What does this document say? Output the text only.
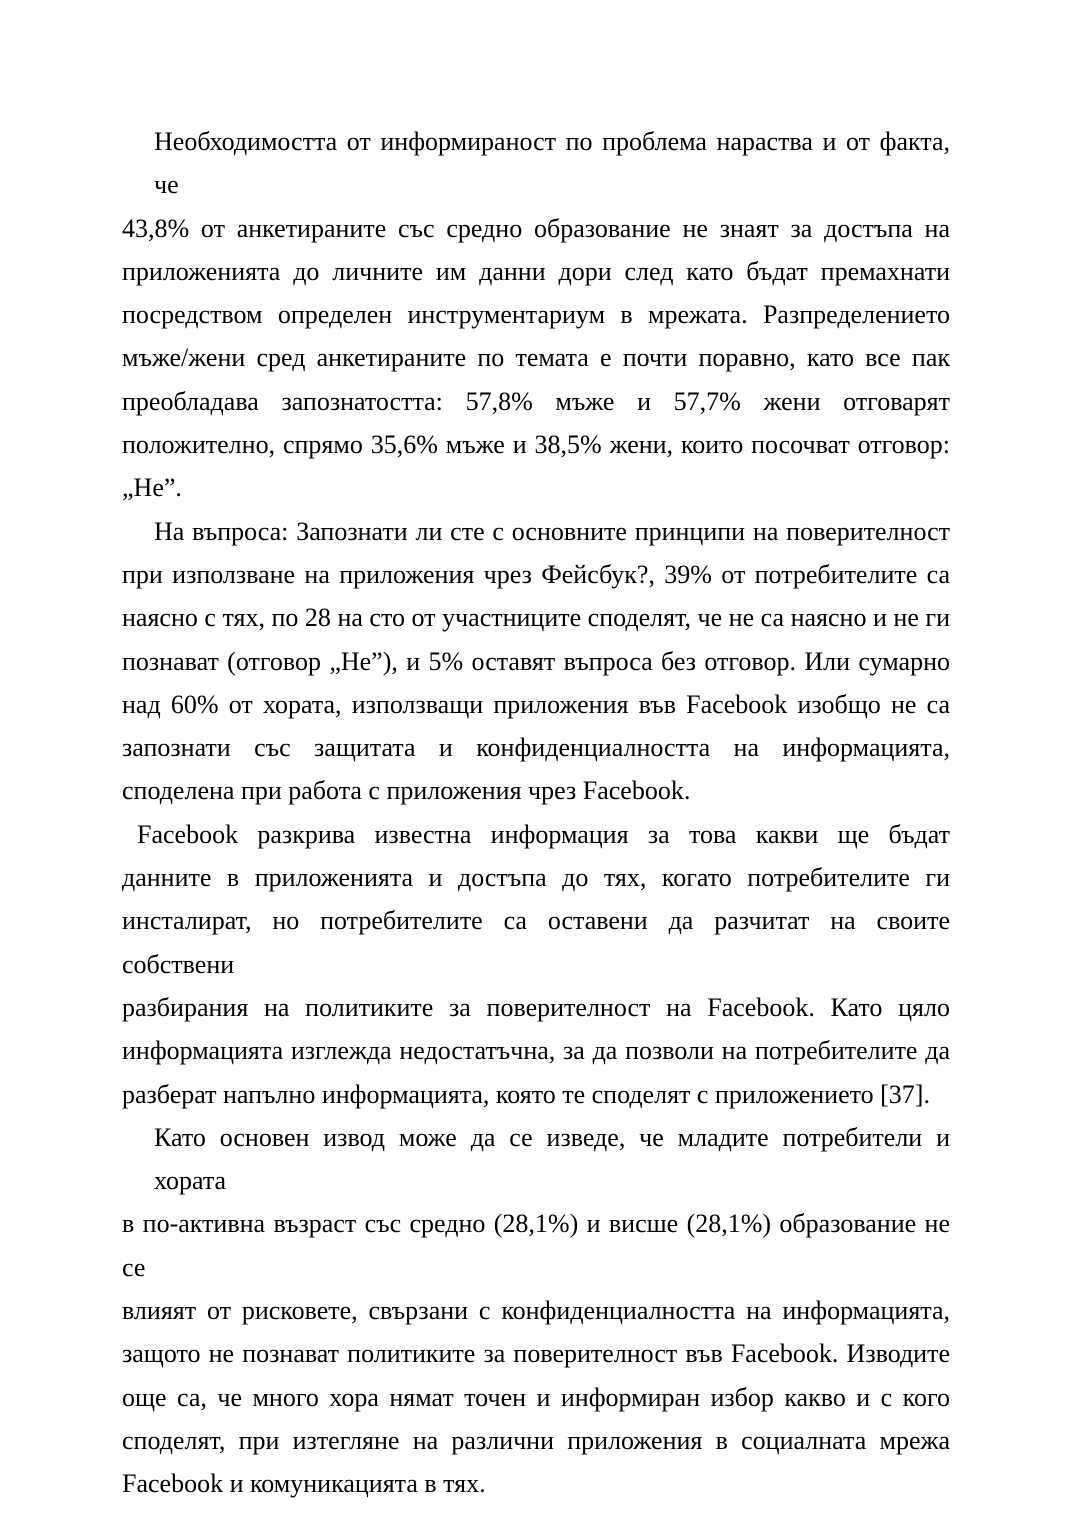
Необходимостта от информираност по проблема нараства и от факта, че
43,8% от анкетираните със средно образование не знаят за достъпа на
приложенията до личните им данни дори след като бъдат премахнати
посредством определен инструментариум в мрежата. Разпределението
мъже/жени сред анкетираните по темата е почти поравно, като все пак
преобладава запознатостта: 57,8% мъже и 57,7% жени отговарят
положително, спрямо 35,6% мъже и 38,5% жени, които посочват отговор:
„Не”.
На въпроса: Запознати ли сте с основните принципи на поверителност
при използване на приложения чрез Фейсбук?, 39% от потребителите са
наясно с тях, по 28 на сто от участниците споделят, че не са наясно и не ги
познават (отговор „Не”), и 5% оставят въпроса без отговор. Или сумарно
над 60% от хората, използващи приложения във Facebook изобщо не са
запознати със защитата и конфиденциалността на информацията,
споделена при работа с приложения чрез Facebook.
Facebook разкрива известна информация за това какви ще бъдат
данните в приложенията и достъпа до тях, когато потребителите ги
инсталират, но потребителите са оставени да разчитат на своите собствени
разбирания на политиките за поверителност на Facebook. Като цяло
информацията изглежда недостатъчна, за да позволи на потребителите да
разберат напълно информацията, която те споделят с приложението [37].
Като основен извод може да се изведе, че младите потребители и хората
в по-активна възраст със средно (28,1%) и висше (28,1%) образование не се
влияят от рисковете, свързани с конфиденциалността на информацията,
защото не познават политиките за поверителност във Facebook. Изводите
още са, че много хора нямат точен и информиран избор какво и с кого
споделят, при изтегляне на различни приложения в социалната мрежа
Facebook и комуникацията в тях.
